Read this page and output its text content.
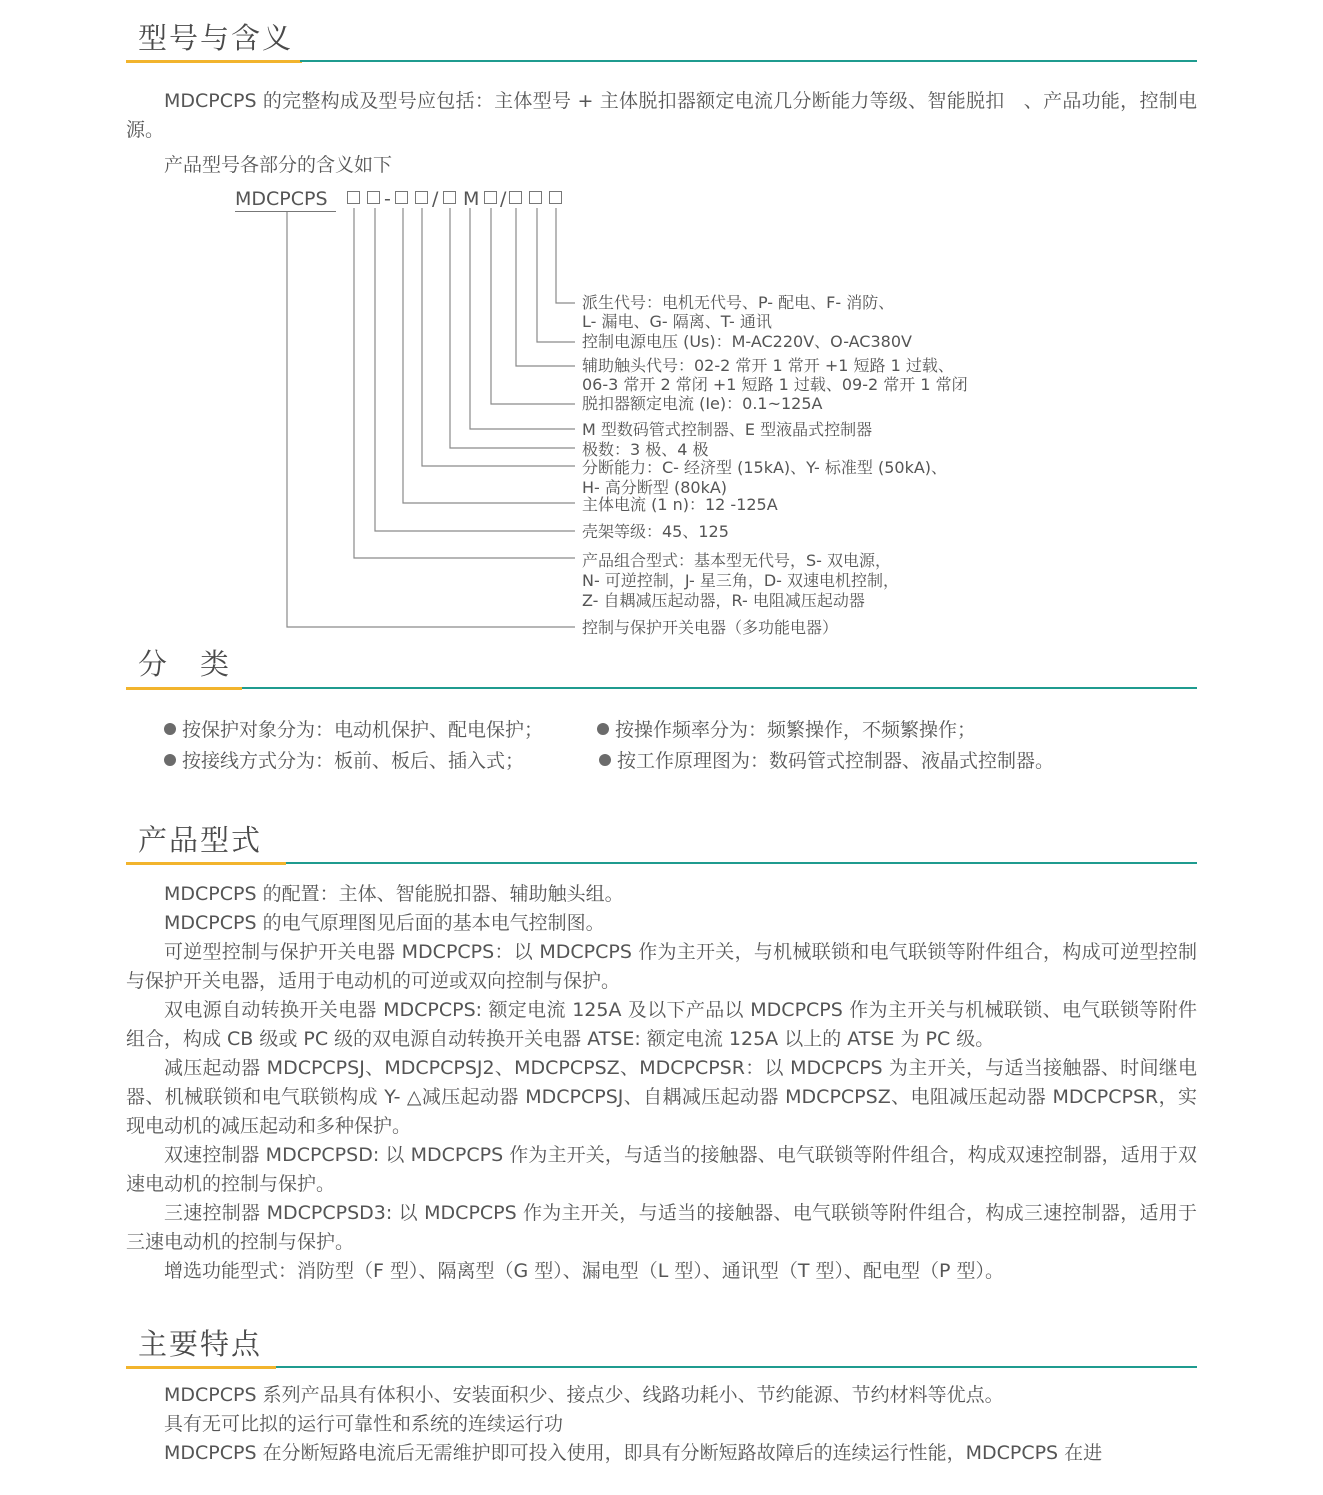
型号与含义

MDCPCPS 的完整构成及型号应包括：主体型号 + 主体脱扣器额定电流几分断能力等级、智能脱扣　、产品功能，控制电源。

产品型号各部分的含义如下
MDCPCPS	- / M /
派生代号：电机无代号、P- 配电、F- 消防、
L- 漏电、G- 隔离、T- 通讯
控制电源电压 (Us)：M-AC220V、O-AC380V
辅助触头代号：02-2 常开 1 常开 +1 短路 1 过载、
06-3 常开 2 常闭 +1 短路 1 过载、09-2 常开 1 常闭
脱扣器额定电流 (Ie)：0.1~125A
M 型数码管式控制器、E 型液晶式控制器
极数：3 极、4 极
分断能力：C- 经济型 (15kA)、Y- 标准型 (50kA)、
H- 高分断型 (80kA)
主体电流 (1 n)：12 -125A
壳架等级：45、125
产品组合型式：基本型无代号，S- 双电源，
N- 可逆控制，J- 星三角，D- 双速电机控制，
Z- 自耦减压起动器，R- 电阻减压起动器
控制与保护开关电器（多功能电器）
分　类
按保护对象分为：电动机保护、配电保护；	按操作频率分为：频繁操作，不频繁操作；
按接线方式分为：板前、板后、插入式；	按工作原理图为：数码管式控制器、液晶式控制器。
产品型式

MDCPCPS 的配置：主体、智能脱扣器、辅助触头组。

MDCPCPS 的电气原理图见后面的基本电气控制图。

可逆型控制与保护开关电器 MDCPCPS：以 MDCPCPS 作为主开关，与机械联锁和电气联锁等附件组合，构成可逆型控制与保护开关电器，适用于电动机的可逆或双向控制与保护。

双电源自动转换开关电器 MDCPCPS: 额定电流 125A 及以下产品以 MDCPCPS 作为主开关与机械联锁、电气联锁等附件组合，构成 CB 级或 PC 级的双电源自动转换开关电器 ATSE: 额定电流 125A 以上的 ATSE 为 PC 级。

减压起动器 MDCPCPSJ、MDCPCPSJ2、MDCPCPSZ、MDCPCPSR：以 MDCPCPS 为主开关，与适当接触器、时间继电器、机械联锁和电气联锁构成 Y- △减压起动器 MDCPCPSJ、自耦减压起动器 MDCPCPSZ、电阻减压起动器 MDCPCPSR，实现电动机的减压起动和多种保护。

双速控制器 MDCPCPSD: 以 MDCPCPS 作为主开关，与适当的接触器、电气联锁等附件组合，构成双速控制器，适用于双速电动机的控制与保护。

三速控制器 MDCPCPSD3: 以 MDCPCPS 作为主开关，与适当的接触器、电气联锁等附件组合，构成三速控制器，适用于三速电动机的控制与保护。

增选功能型式：消防型（F 型）、隔离型（G 型）、漏电型（L 型）、通讯型（T 型）、配电型（P 型）。

主要特点

MDCPCPS 系列产品具有体积小、安装面积少、接点少、线路功耗小、节约能源、节约材料等优点。

具有无可比拟的运行可靠性和系统的连续运行功

MDCPCPS 在分断短路电流后无需维护即可投入使用，即具有分断短路故障后的连续运行性能，MDCPCPS 在进
